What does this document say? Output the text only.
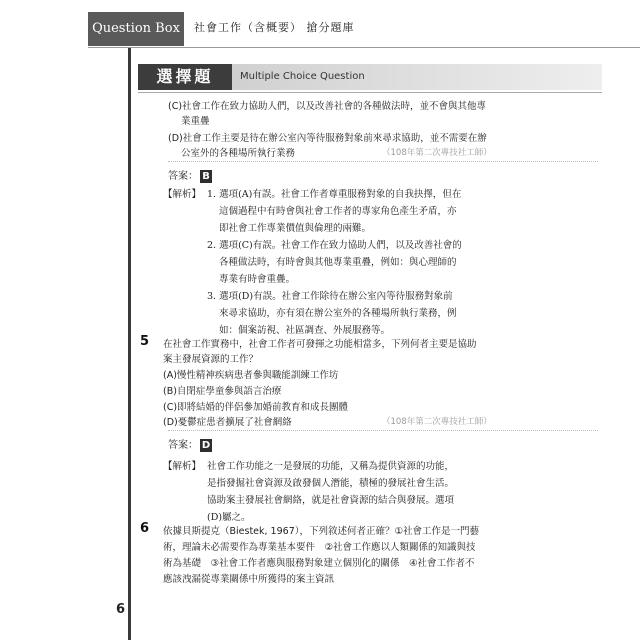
Question Box	社會工作（含概要） 搶分題庫
選擇題	Multiple Choice Question
(C)社會工作在致力協助人們，以及改善社會的各種做法時，並不會與其他專
業重疊
(D)社會工作主要是待在辦公室內等待服務對象前來尋求協助，並不需要在辦
公室外的各種場所執行業務	（108年第二次專技社工師）
答案： B
【解析】 1. 選項(A)有誤。社會工作者尊重服務對象的自我抉擇，但在
這個過程中有時會與社會工作者的專家角色產生矛盾，亦
即社會工作專業價值與倫理的兩難。
2. 選項(C)有誤。社會工作在致力協助人們，以及改善社會的
各種做法時，有時會與其他專業重疊，例如：與心理師的
專業有時會重疊。
3. 選項(D)有誤。社會工作除待在辦公室內等待服務對象前
來尋求協助，亦有須在辦公室外的各種場所執行業務，例
如：個案訪視、社區調查、外展服務等。
5 在社會工作實務中，社會工作者可發揮之功能相當多，下列何者主要是協助
案主發展資源的工作？
(A)慢性精神疾病患者參與職能訓練工作坊
(B)自閉症學童參與語言治療
(C)即將結婚的伴侶參加婚前教育和成長團體
(D)憂鬱症患者擴展了社會網絡	（108年第二次專技社工師）
答案： D
【解析】 社會工作功能之一是發展的功能，又稱為提供資源的功能，
是指發掘社會資源及啟發個人潛能，積極的發展社會生活。
協助案主發展社會網絡，就是社會資源的結合與發展。選項
(D)屬之。
6 依據貝斯提克（Biestek, 1967），下列敘述何者正確？①社會工作是一門藝
術，理論未必需要作為專業基本要件　②社會工作應以人類關係的知識與技
術為基礎　③社會工作者應與服務對象建立個別化的關係　④社會工作者不
應該洩漏從專業關係中所獲得的案主資訊
6
